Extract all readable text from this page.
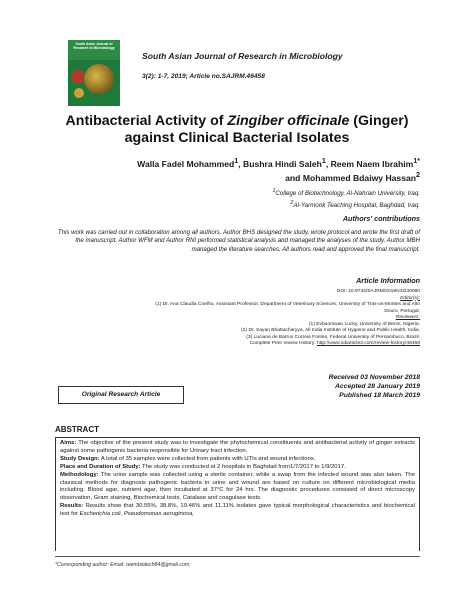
South Asian Journal of Research in Microbiology
South Asian Journal of Research in Microbiology
3(2): 1-7, 2019; Article no.SAJRM.46458
Antibacterial Activity of Zingiber officinale (Ginger) against Clinical Bacterial Isolates
Walla Fadel Mohammed$^1$, Bushra Hindi Saleh$^1$, Reem Naem Ibrahim$^{1*}$
and Mohammed Bdaiwy Hassan$^2$
$^1$College of Biotechnology, Al-Nahrain University, Iraq.
$^2$Al-Yarmook Teaching Hospital, Baghdad, Iraq.
Authors' contributions
This work was carried out in collaboration among all authors. Author BHS designed the study, wrote protocol and wrote the first draft of the manuscript. Author WFM and Author RNI performed statistical analysis and managed the analyses of the study. Author MBH managed the literature searches. All authors read and approved the final manuscript.
Article Information
DOI: 10.9734/SAJRM/2019/v3i230080
Editor(s):
(1) Dr. Ana Claudia Coelho, Assistant Professor, Department of Veterinary Sciences, University of Tras-os-Montes and Alto
Douro, Portugal.
Reviewers:
(1) Evbuomwan Lucky, University of Benin, Nigeria.
(2) Dr. Sayan Bhattacharyya, All India Institute of Hygiene and Public Health, India.
(3) Luciana de Barros Correia Fontes, Federal University of Pernambuco, Brazil.
Complete Peer review History: http://www.sdiarticle3.com/review-history/46458
Original Research Article
Received 03 November 2018
Accepted 28 January 2019
Published 18 March 2019
ABSTRACT
Aims: The objective of the present study was to investigate the phytochemical constituents and antibacterial activity of ginger extracts against some pathogenic bacteria responsible for Urinary tract infection.
Study Design: A total of 35 samples were collected from patients with UTIs and wound infections.
Place and Duration of Study: The study was conducted at 2 hospitals in Baghdad from1/7/2017 to 1/9/2017.
Methodology: The urine sample was collected using a sterile container, while a swap from the infected wound was also taken. The classical methods for diagnosis pathogenic bacteria in urine and wound are based on culture on different microbiological media including. Blood agar, nutrient agar, then incubated at 37°C for 24 hrs. The diagnostic procedures consisted of direct microscopy observation, Gram staining, Biochemical tests, Catalase and coagulase tests.
Results: Results show that 30.55%, 38.8%, 19.46% and 11.11% isolates gave typical morphological characteristics and biochemical test for Escherichia coli, Pseudomonas aeruginosa,
*Corresponding author: Email: reembiotech84@gmail.com;
